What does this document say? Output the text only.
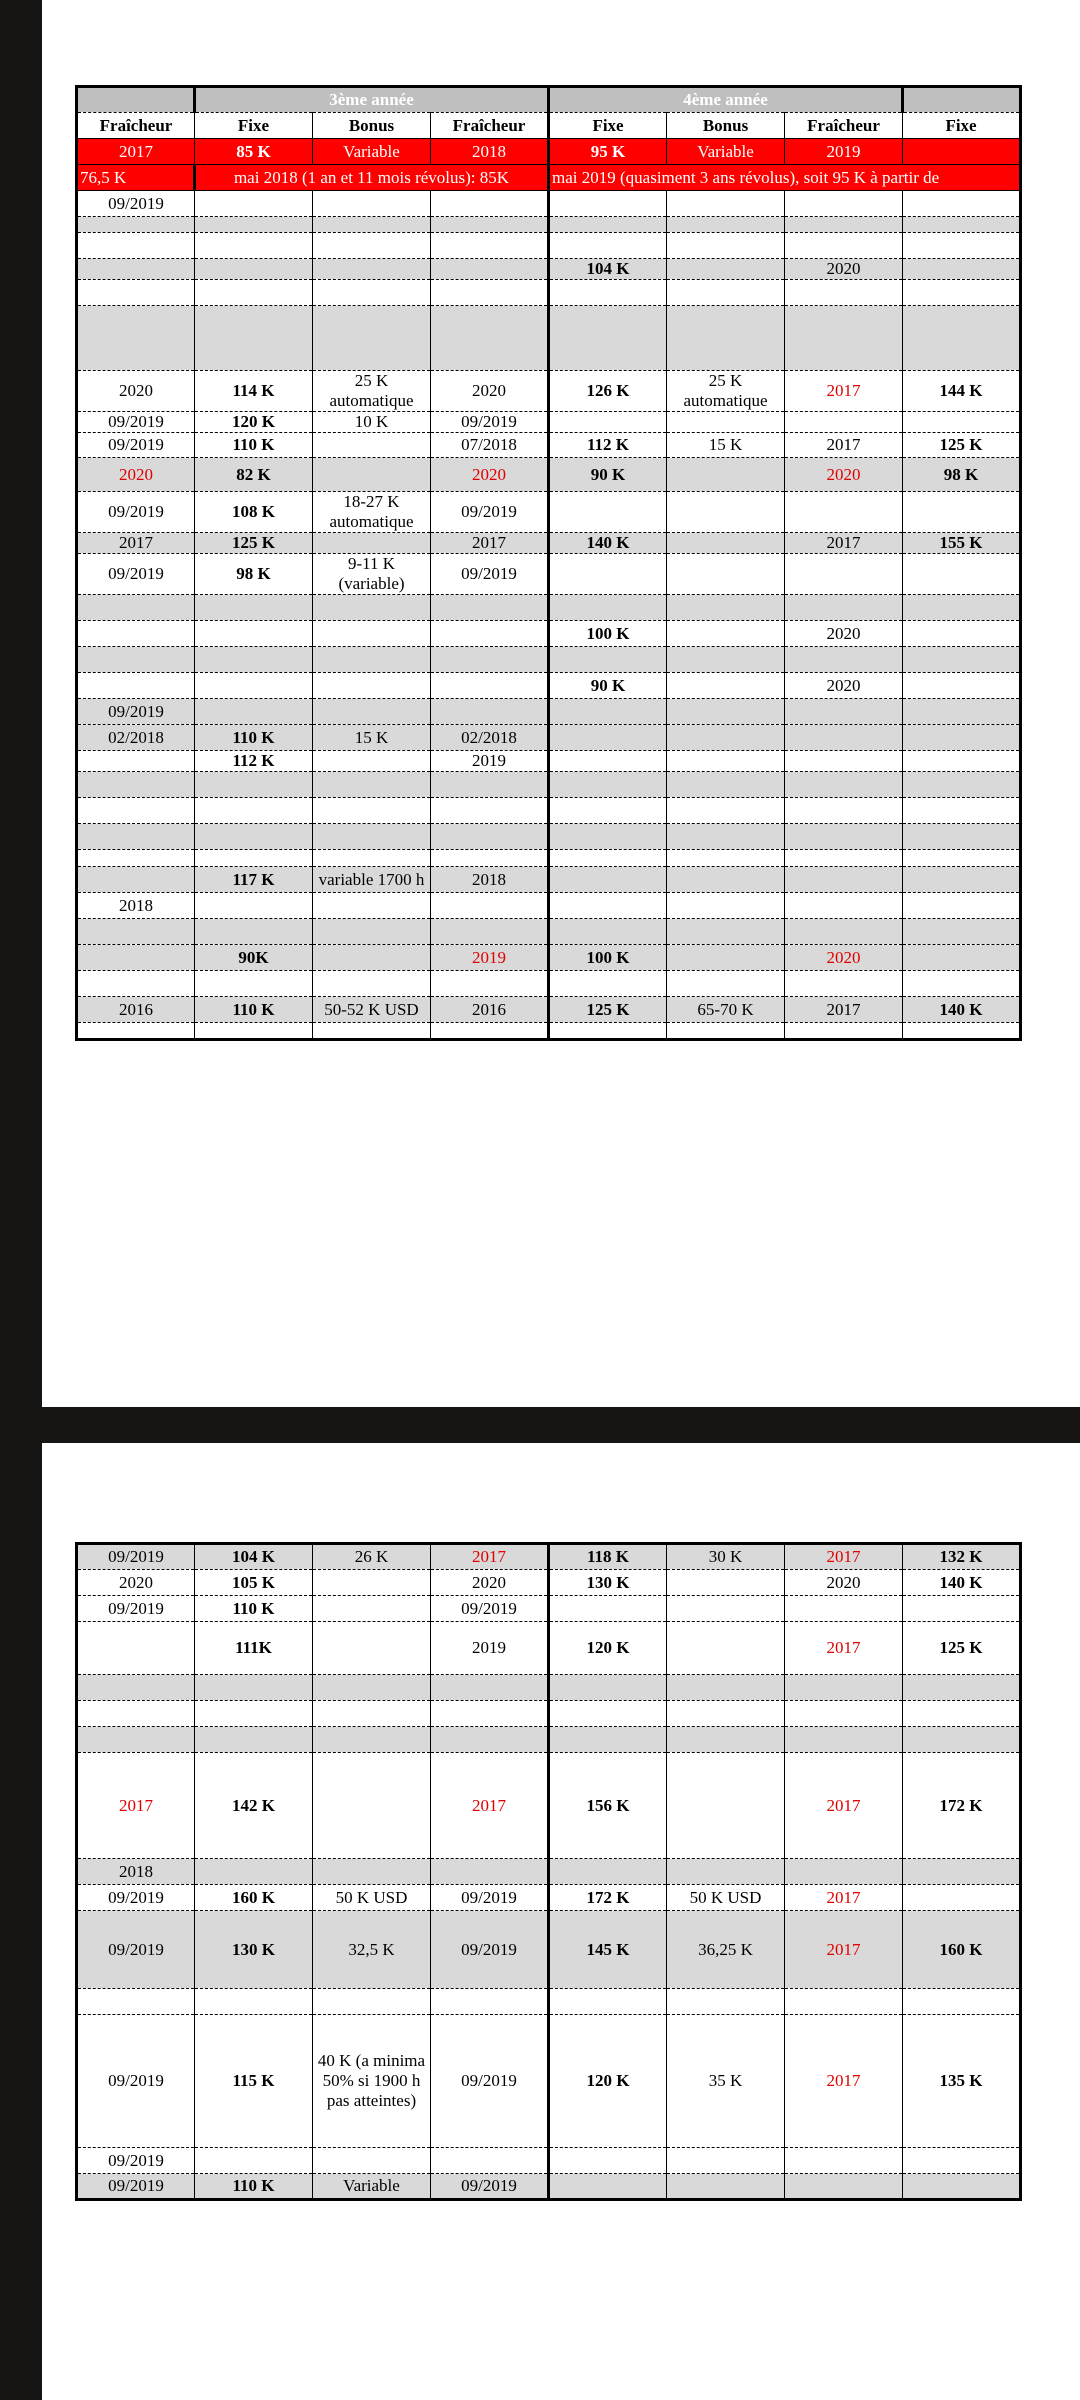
	3ème année			4ème année			
Fraîcheur	Fixe	Bonus	Fraîcheur	Fixe	Bonus	Fraîcheur	Fixe
2017	85 K	Variable	2018	95 K	Variable	2019	
76,5 K	mai 2018 (1 an et 11 mois révolus): 85K			mai 2019 (quasiment 3 ans révolus), soit 95 K à partir de			
09/2019							

				104 K		2020	

2020	114 K	25 K automatique	2020	126 K	25 K automatique	2017	144 K
09/2019	120 K	10 K	09/2019				
09/2019	110 K		07/2018	112 K	15 K	2017	125 K
2020	82 K		2020	90 K		2020	98 K
09/2019	108 K	18-27 K automatique	09/2019				
2017	125 K		2017	140 K		2017	155 K
09/2019	98 K	9-11 K (variable)	09/2019				

				100 K		2020	

				90 K		2020	
09/2019							
02/2018	110 K	15 K	02/2018				
	112 K		2019				

	117 K	variable 1700 h	2018				
2018							

	90K		2019	100 K		2020	

2016	110 K	50-52 K USD	2016	125 K	65-70 K	2017	140 K

09/2019	104 K	26 K	2017	118 K	30 K	2017	132 K
2020	105 K		2020	130 K		2020	140 K
09/2019	110 K		09/2019				
	111K		2019	120 K		2017	125 K

2017	142 K		2017	156 K		2017	172 K
2018							
09/2019	160 K	50 K USD	09/2019	172 K	50 K USD	2017	
09/2019	130 K	32,5 K	09/2019	145 K	36,25 K	2017	160 K

09/2019	115 K	40 K (a minima 50% si 1900 h pas atteintes)	09/2019	120 K	35 K	2017	135 K
09/2019							
09/2019	110 K	Variable	09/2019				
